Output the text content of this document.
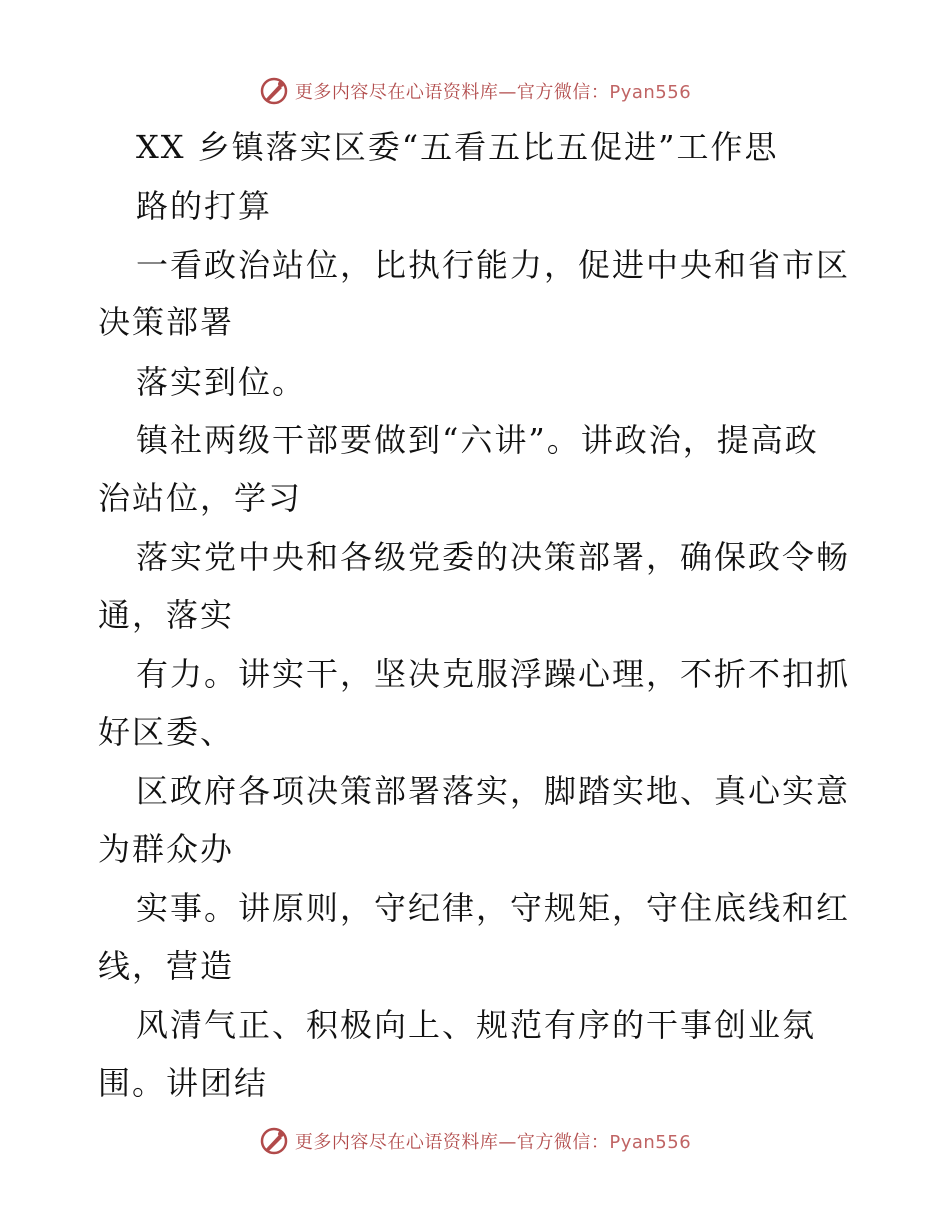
更多内容尽在心语资料库—官方微信：Pyan556
XX 乡镇落实区委“五看五比五促进”工作思
路的打算
一看政治站位，比执行能力，促进中央和省市区
决策部署
落实到位。
镇社两级干部要做到“六讲”。讲政治，提高政
治站位，学习
落实党中央和各级党委的决策部署，确保政令畅
通，落实
有力。讲实干，坚决克服浮躁心理，不折不扣抓
好区委、
区政府各项决策部署落实，脚踏实地、真心实意
为群众办
实事。讲原则，守纪律，守规矩，守住底线和红
线，营造
风清气正、积极向上、规范有序的干事创业氛
围。讲团结
更多内容尽在心语资料库—官方微信：Pyan556
